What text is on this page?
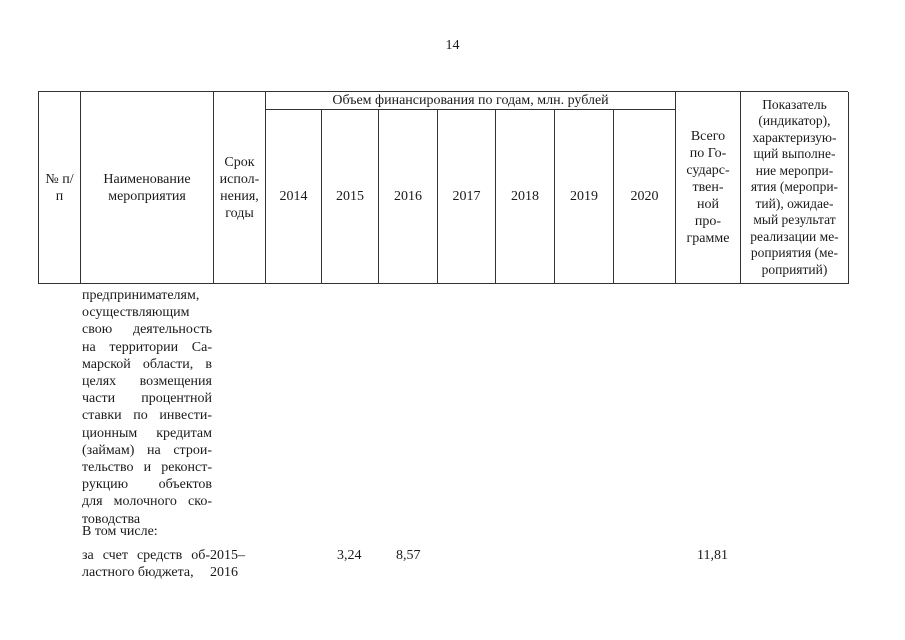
14
№ п/п
Наименование
мероприятия
Срок
испол-
нения,
годы
Объем финансирования по годам, млн. рублей
2014 2015 2016 2017 2018 2019 2020
Всего
по Го-
сударс-
твен-
ной
про-
грамме
Показатель
(индикатор),
характеризую-
щий выполне-
ние меропри-
ятия (меропри-
тий), ожидае-
мый результат
реализации ме-
роприятия (ме-
роприятий)
предпринимателям,
осуществляющим
свою деятельность
на территории Са-
марской области, в
целях возмещения
части процентной
ставки по инвести-
ционным кредитам
(займам) на строи-
тельство и реконст-
рукцию объектов
для молочного ско-
товодства
В том числе:
за счет средств об-
ластного бюджета,
2015–
2016
3,24 8,57	11,81
